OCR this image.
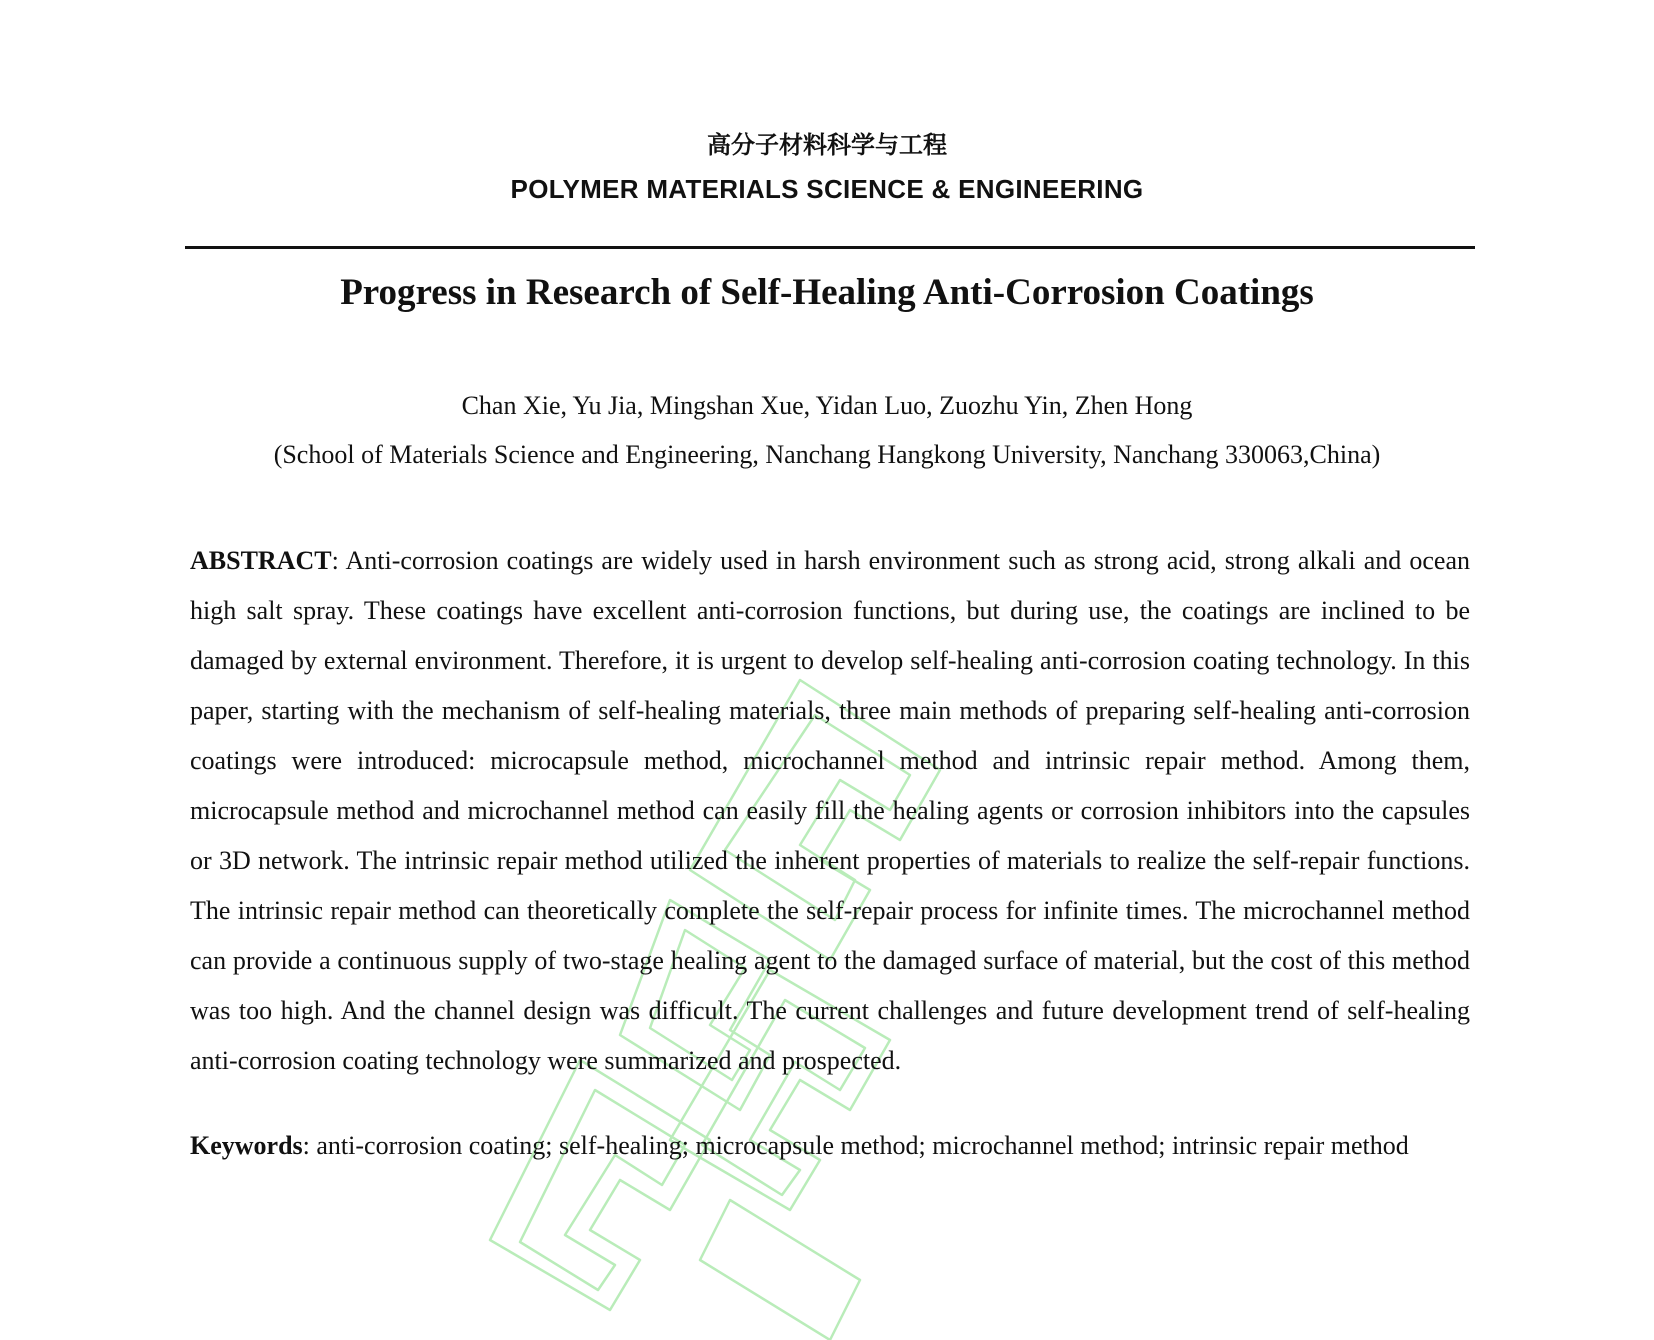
高分子材料科学与工程
POLYMER MATERIALS SCIENCE & ENGINEERING
Progress in Research of Self-Healing Anti-Corrosion Coatings
Chan Xie, Yu Jia, Mingshan Xue, Yidan Luo, Zuozhu Yin, Zhen Hong
(School of Materials Science and Engineering, Nanchang Hangkong University, Nanchang 330063,China)

ABSTRACT: Anti-corrosion coatings are widely used in harsh environment such as strong acid, strong alkali and ocean high salt spray. These coatings have excellent anti-corrosion functions, but during use, the coatings are inclined to be damaged by external environment. Therefore, it is urgent to develop self-healing anti-corrosion coating technology. In this paper, starting with the mechanism of self-healing materials, three main methods of preparing self-healing anti-corrosion coatings were introduced: microcapsule method, microchannel method and intrinsic repair method. Among them, microcapsule method and microchannel method can easily fill the healing agents or corrosion inhibitors into the capsules or 3D network. The intrinsic repair method utilized the inherent properties of materials to realize the self-repair functions. The intrinsic repair method can theoretically complete the self-repair process for infinite times. The microchannel method can provide a continuous supply of two-stage healing agent to the damaged surface of material, but the cost of this method was too high. And the channel design was difficult. The current challenges and future development trend of self-healing anti-corrosion coating technology were summarized and prospected.

Keywords: anti-corrosion coating; self-healing; microcapsule method; microchannel method; intrinsic repair method
